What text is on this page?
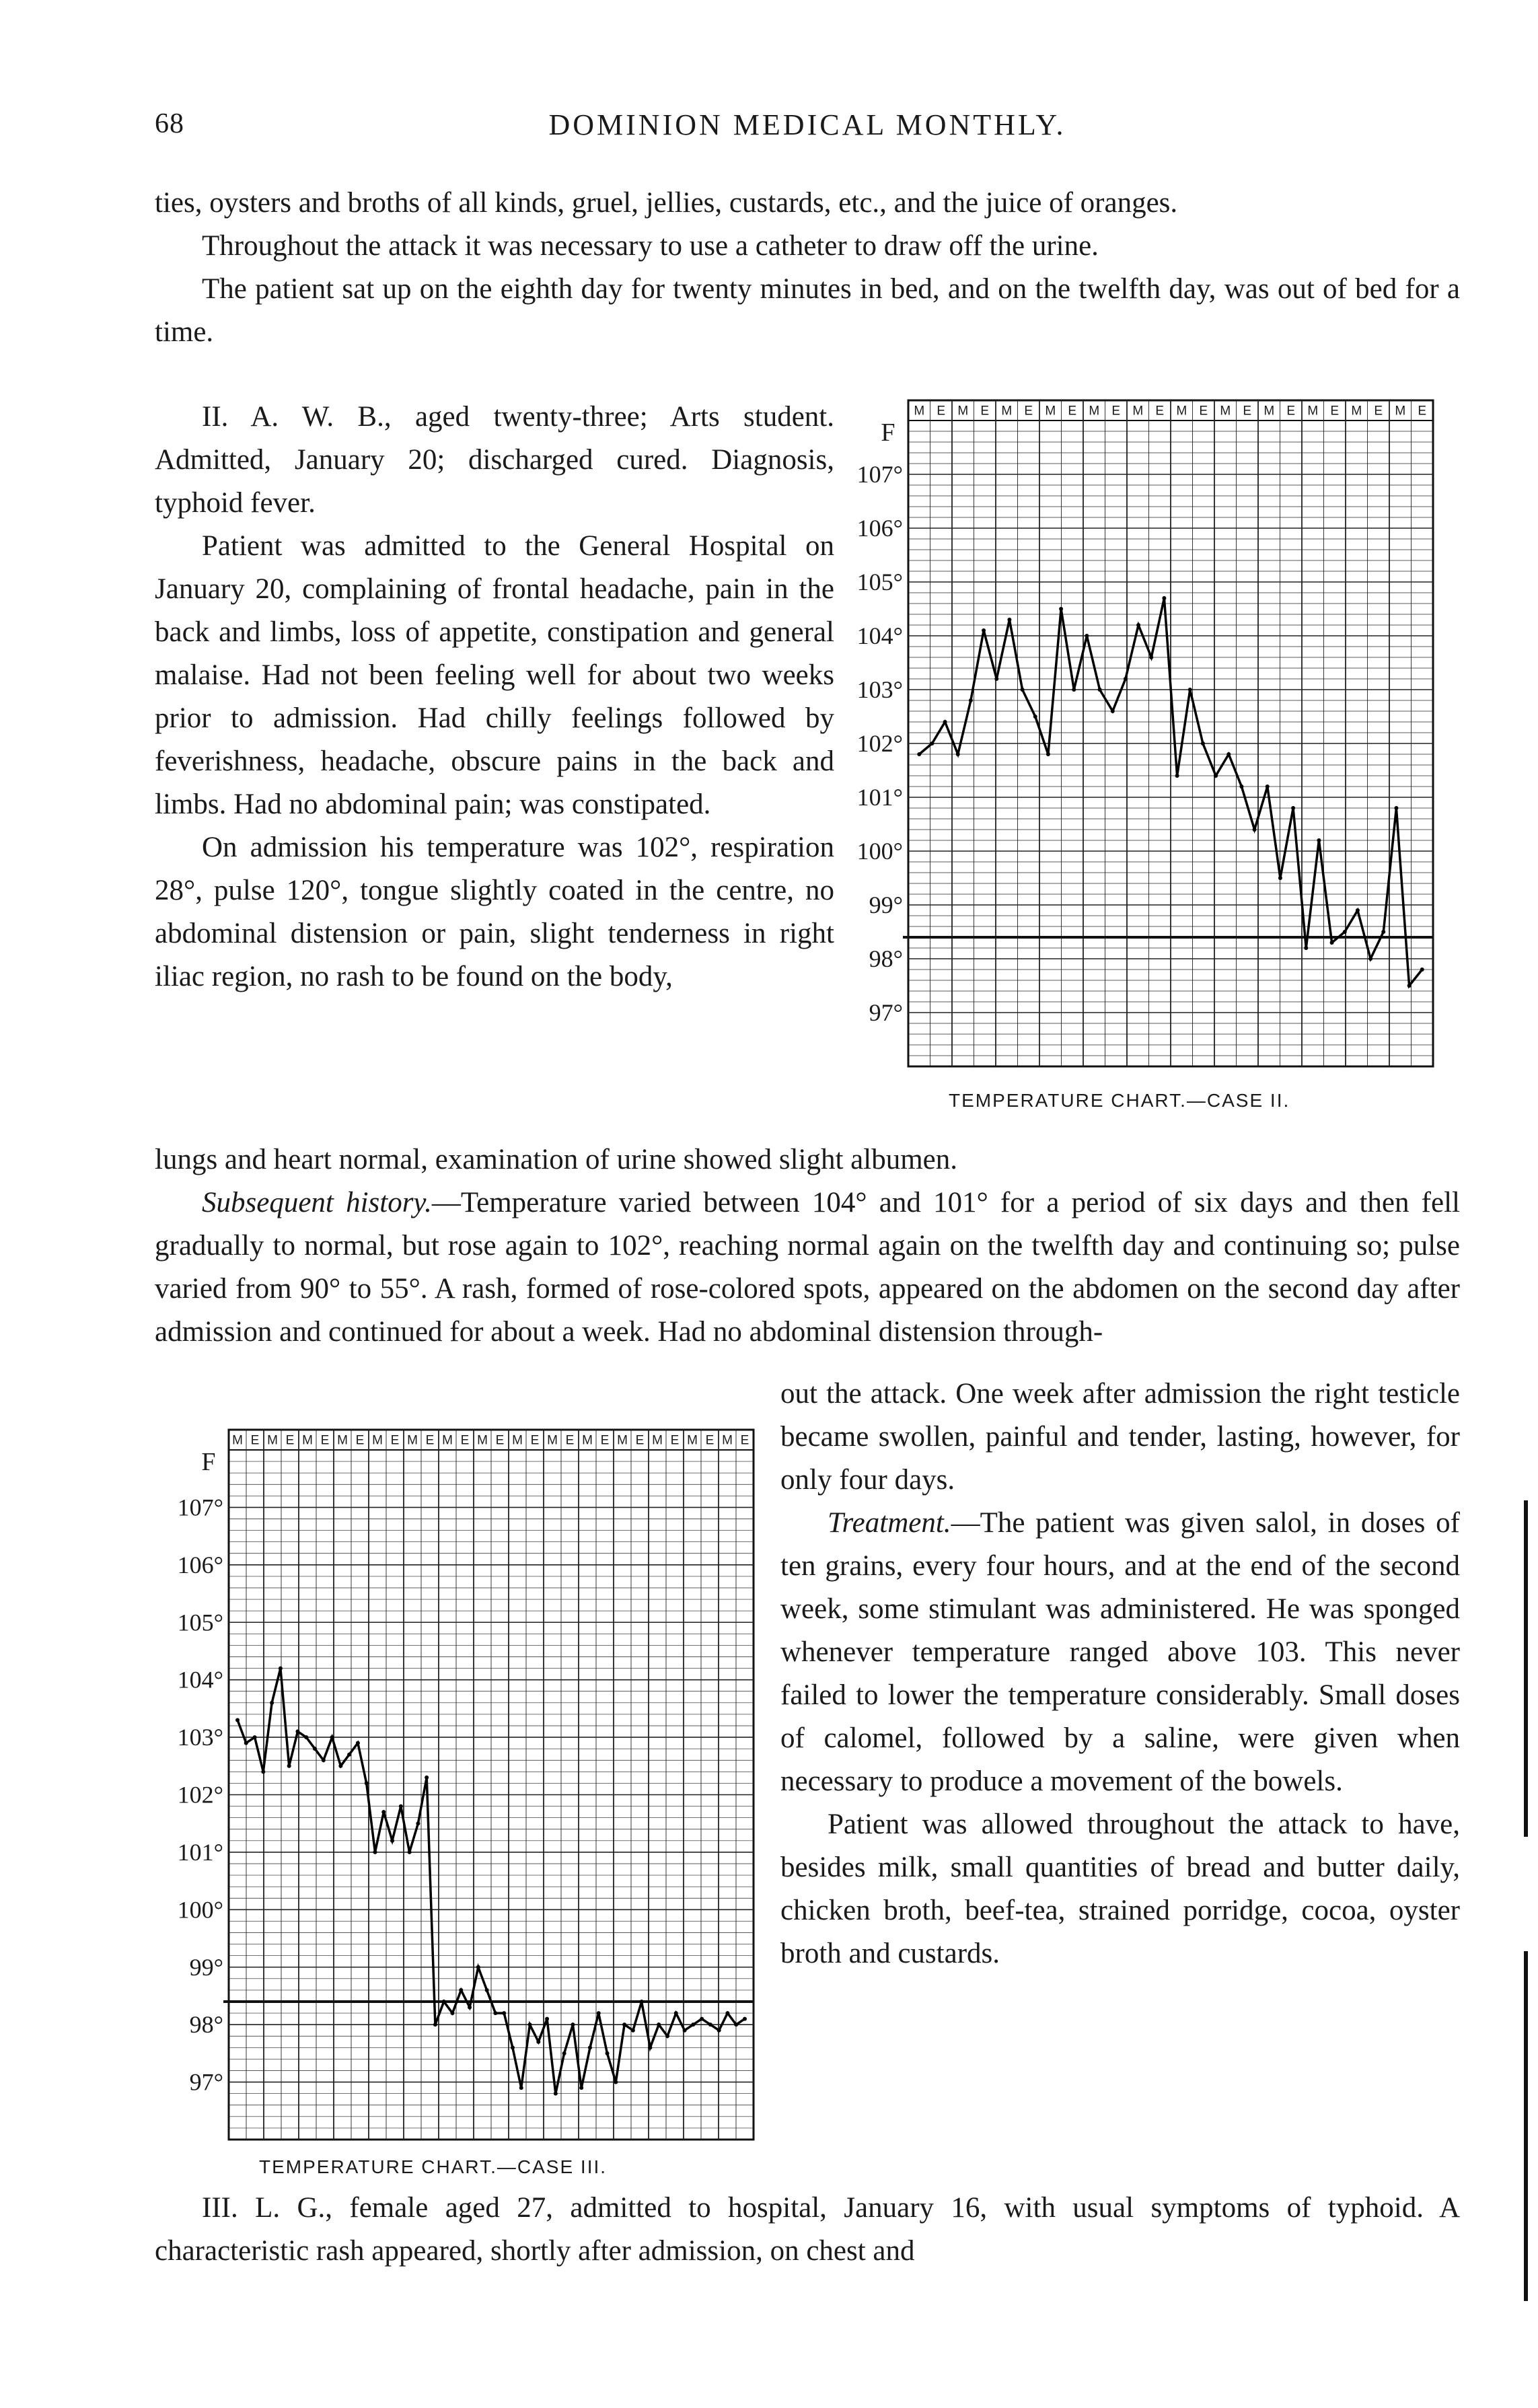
68	DOMINION MEDICAL MONTHLY.

ties, oysters and broths of all kinds, gruel, jellies, custards, etc., and the juice of oranges.

Throughout the attack it was necessary to use a catheter to draw off the urine.

The patient sat up on the eighth day for twenty minutes in bed, and on the twelfth day, was out of bed for a time.

II. A. W. B., aged twenty-three; Arts student. Admitted, January 20; discharged cured. Diagnosis, typhoid fever.

Patient was admitted to the General Hospital on January 20, complaining of frontal headache, pain in the back and limbs, loss of appetite, constipation and general malaise. Had not been feeling well for about two weeks prior to admission. Had chilly feelings followed by feverishness, headache, obscure pains in the back and limbs. Had no abdominal pain; was constipated.

On admission his temperature was 102°, respiration 28°, pulse 120°, tongue slightly coated in the centre, no abdominal distension or pain, slight tenderness in right iliac region, no rash to be found on the body,

lungs and heart normal, examination of urine showed slight albumen.

Subsequent history.—Temperature varied between 104° and 101° for a period of six days and then fell gradually to normal, but rose again to 102°, reaching normal again on the twelfth day and continuing so; pulse varied from 90° to 55°. A rash, formed of rose-colored spots, appeared on the abdomen on the second day after admission and continued for about a week. Had no abdominal distension through-

out the attack. One week after admission the right testicle became swollen, painful and tender, lasting, however, for only four days.

Treatment.—The patient was given salol, in doses of ten grains, every four hours, and at the end of the second week, some stimulant was administered. He was sponged whenever temperature ranged above 103. This never failed to lower the temperature considerably. Small doses of calomel, followed by a saline, were given when necessary to produce a movement of the bowels.

Patient was allowed throughout the attack to have, besides milk, small quantities of bread and butter daily, chicken broth, beef-tea, strained porridge, cocoa, oyster broth and custards.

III. L. G., female aged 27, admitted to hospital, January 16, with usual symptoms of typhoid. A characteristic rash appeared, shortly after admission, on chest and

M E M E M E M E M E M E M E M E M E M E M E M E
F
107°
106°
105°
104°
103°
102°
101°
100°
99°
98°
97°
TEMPERATURE CHART.—CASE II.
M E M E M E M E M E M E M E M E M E M E M E M E M E M E M E
F
107°
106°
105°
104°
103°
102°
101°
100°
99°
98°
97°
TEMPERATURE CHART.—CASE III.
